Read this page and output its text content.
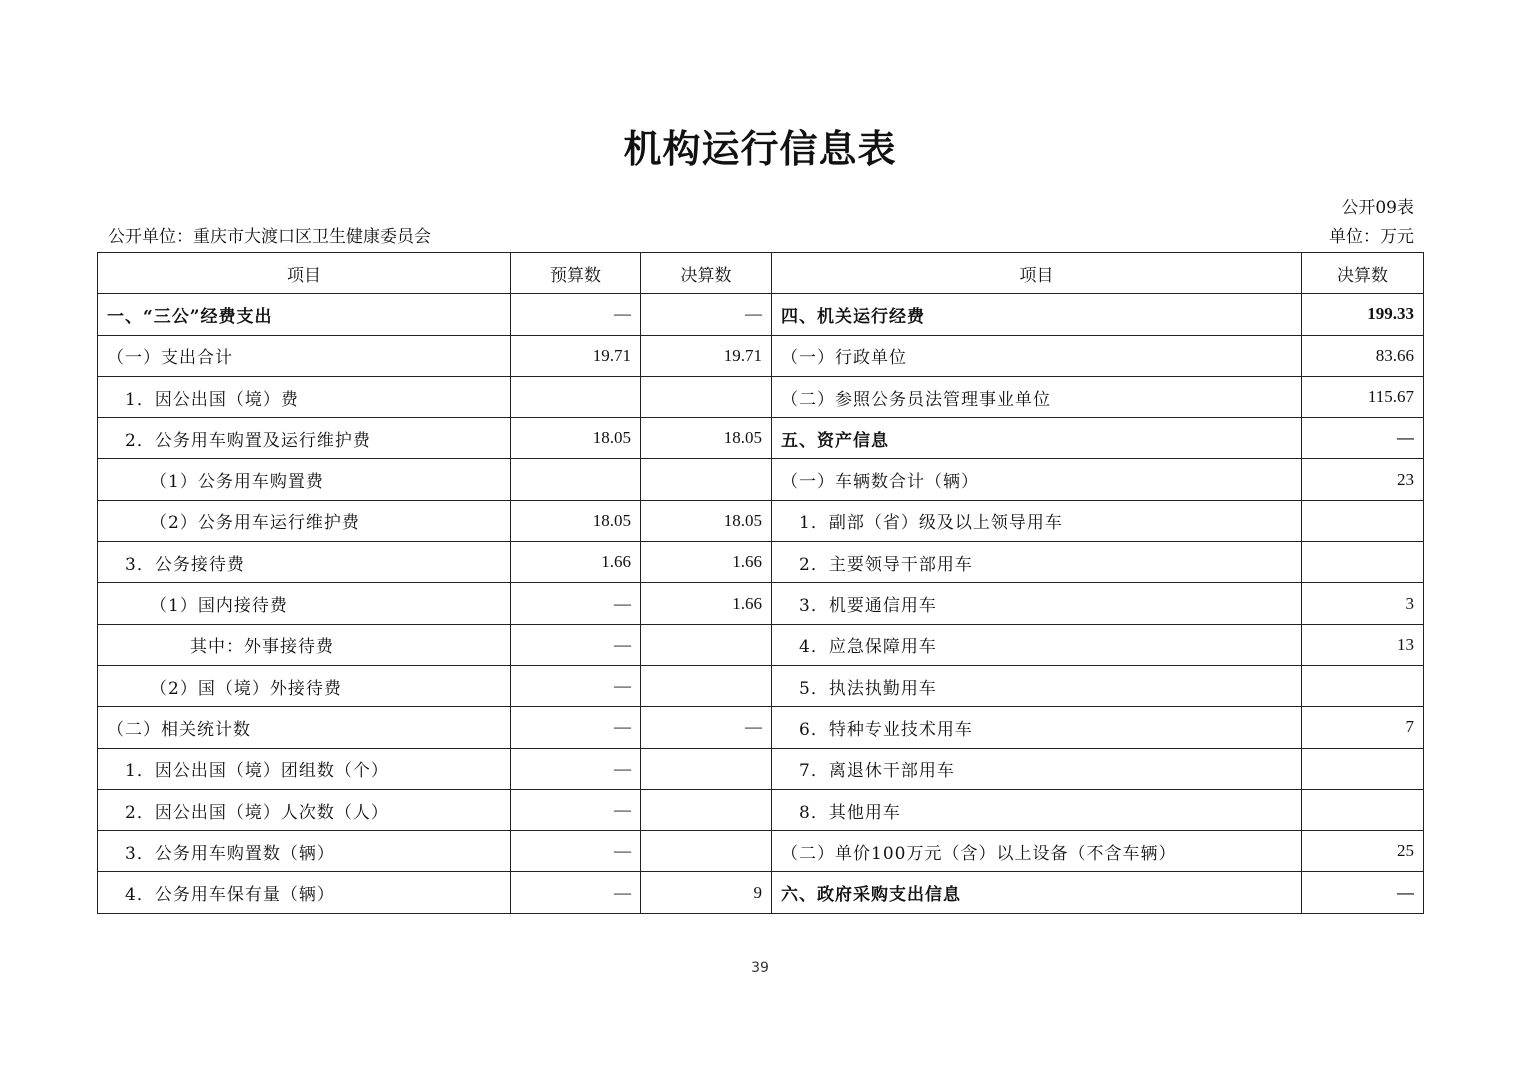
机构运行信息表
公开09表
公开单位：重庆市大渡口区卫生健康委员会	单位：万元
项目	预算数	决算数	项目	决算数
一、“三公”经费支出	—	—	四、机关运行经费	199.33
（一）支出合计	19.71	19.71	（一）行政单位	83.66
1．因公出国（境）费			（二）参照公务员法管理事业单位	115.67
2．公务用车购置及运行维护费	18.05	18.05	五、资产信息	—
（1）公务用车购置费			（一）车辆数合计（辆）	23
（2）公务用车运行维护费	18.05	18.05	1．副部（省）级及以上领导用车	
3．公务接待费	1.66	1.66	2．主要领导干部用车	
（1）国内接待费	—	1.66	3．机要通信用车	3
其中：外事接待费	—		4．应急保障用车	13
（2）国（境）外接待费	—		5．执法执勤用车	
（二）相关统计数	—	—	6．特种专业技术用车	7
1．因公出国（境）团组数（个）	—		7．离退休干部用车	
2．因公出国（境）人次数（人）	—		8．其他用车	
3．公务用车购置数（辆）	—		（二）单价100万元（含）以上设备（不含车辆）	25
4．公务用车保有量（辆）	—	9	六、政府采购支出信息	—
39
